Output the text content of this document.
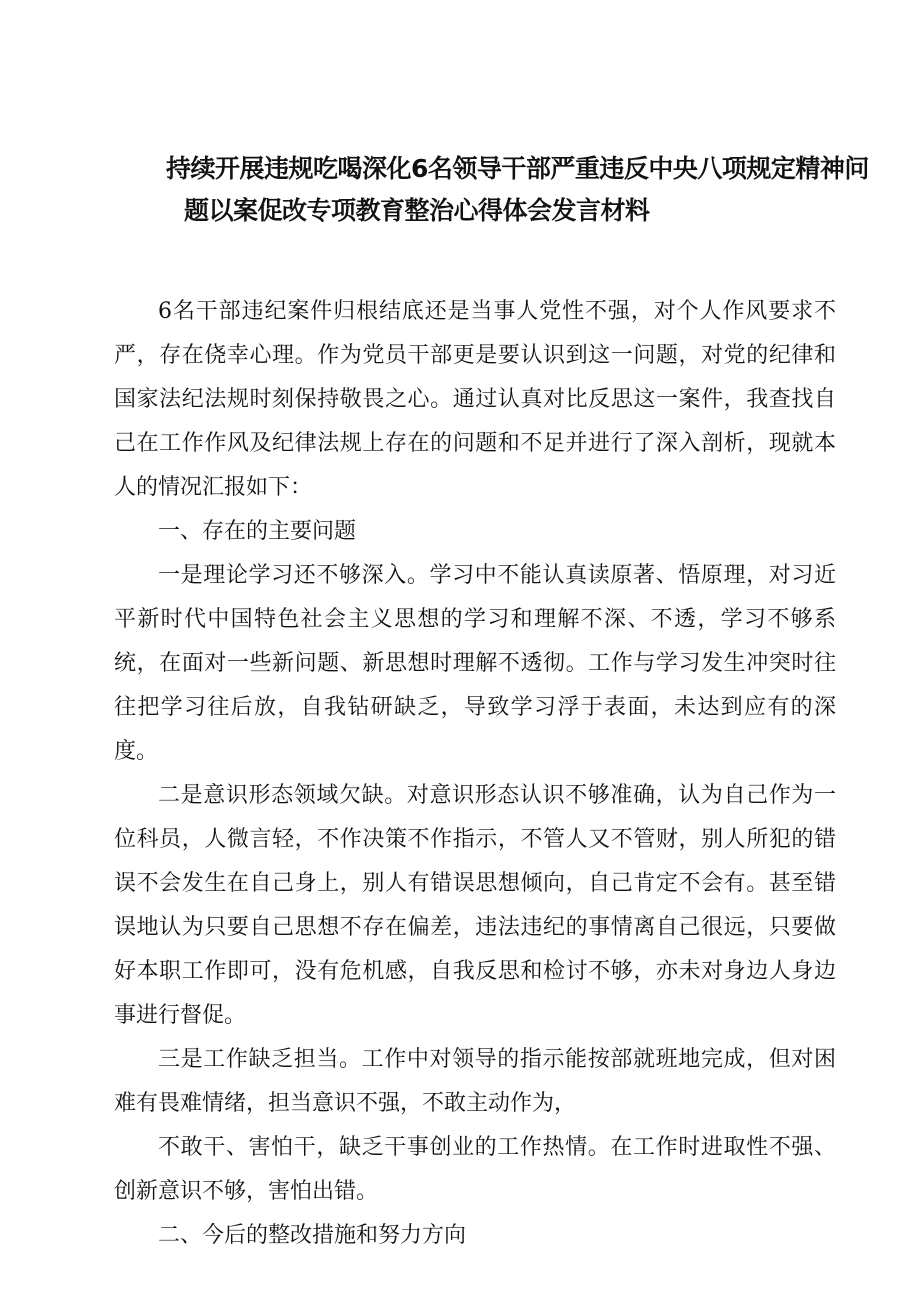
持续开展违规吃喝深化6名领导干部严重违反中央八项规定精神问
题以案促改专项教育整治心得体会发言材料

6名干部违纪案件归根结底还是当事人党性不强，对个人作风要求不严，存在侥幸心理。作为党员干部更是要认识到这一问题，对党的纪律和国家法纪法规时刻保持敬畏之心。通过认真对比反思这一案件，我查找自己在工作作风及纪律法规上存在的问题和不足并进行了深入剖析，现就本人的情况汇报如下：

一、存在的主要问题

一是理论学习还不够深入。学习中不能认真读原著、悟原理，对习近平新时代中国特色社会主义思想的学习和理解不深、不透，学习不够系统，在面对一些新问题、新思想时理解不透彻。工作与学习发生冲突时往往把学习往后放，自我钻研缺乏，导致学习浮于表面，未达到应有的深度。

二是意识形态领域欠缺。对意识形态认识不够准确，认为自己作为一位科员，人微言轻，不作决策不作指示，不管人又不管财，别人所犯的错误不会发生在自己身上，别人有错误思想倾向，自己肯定不会有。甚至错误地认为只要自己思想不存在偏差，违法违纪的事情离自己很远，只要做好本职工作即可，没有危机感，自我反思和检讨不够，亦未对身边人身边事进行督促。

三是工作缺乏担当。工作中对领导的指示能按部就班地完成，但对困难有畏难情绪，担当意识不强，不敢主动作为，

不敢干、害怕干，缺乏干事创业的工作热情。在工作时进取性不强、创新意识不够，害怕出错。

二、今后的整改措施和努力方向
